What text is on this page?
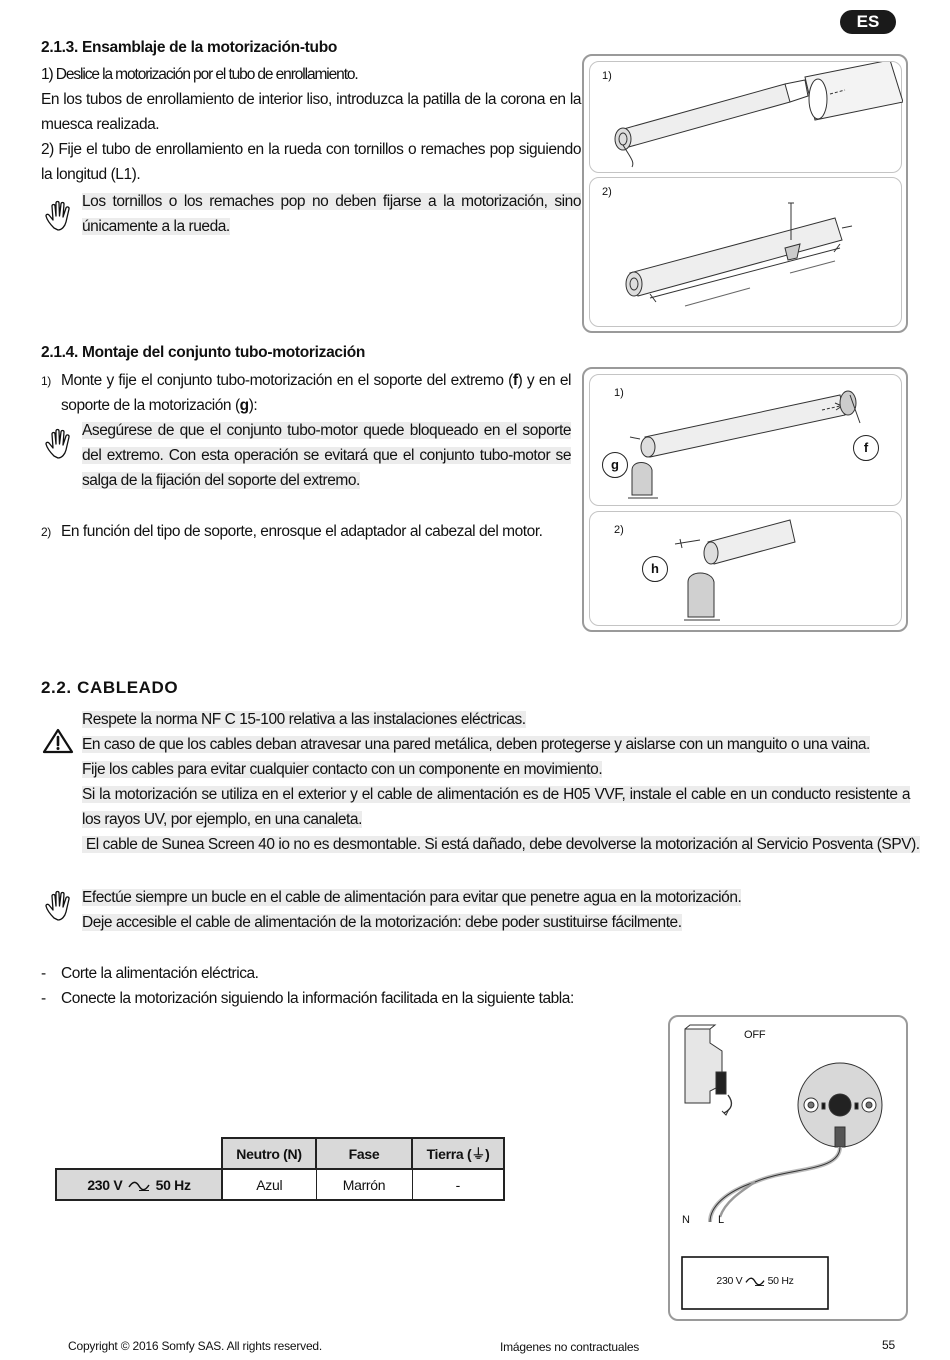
ES
2.1.3. Ensamblaje de la motorización-tubo
1) Deslice la motorización por el tubo de enrollamiento.
En los tubos de enrollamiento de interior liso, introduzca la patilla de la corona en la muesca realizada.
2) Fije el tubo de enrollamiento en la rueda con tornillos o remaches pop siguiendo la longitud (L1).
Los tornillos o los remaches pop no deben fijarse a la motorización, sino únicamente a la rueda.
1)
2)
2.1.4. Montaje del conjunto tubo-motorización
1) Monte y fije el conjunto tubo-motorización en el soporte del extremo (f) y en el soporte de la motorización (g):
Asegúrese de que el conjunto tubo-motor quede bloqueado en el soporte del extremo. Con esta operación se evitará que el conjunto tubo-motor se salga de la fijación del soporte del extremo.
2) En función del tipo de soporte, enrosque el adaptador al cabezal del motor.
1)
f
g
2)
h
2.2. CABLEADO
Respete la norma NF C 15-100 relativa a las instalaciones eléctricas.
En caso de que los cables deban atravesar una pared metálica, deben protegerse y aislarse con un manguito o una vaina.
Fije los cables para evitar cualquier contacto con un componente en movimiento.
Si la motorización se utiliza en el exterior y el cable de alimentación es de H05 VVF, instale el cable en un conducto resistente a los rayos UV, por ejemplo, en una canaleta.
El cable de Sunea Screen 40 io no es desmontable. Si está dañado, debe devolverse la motorización al Servicio Posventa (SPV).
Efectúe siempre un bucle en el cable de alimentación para evitar que penetre agua en la motorización.
Deje accesible el cable de alimentación de la motorización: debe poder sustituirse fácilmente.
- Corte la alimentación eléctrica.
- Conecte la motorización siguiendo la información facilitada en la siguiente tabla:
	Neutro (N)	Fase	Tierra (⏚)
230 V 50 Hz	Azul	Marrón	-
OFF
N	L
230 V 50 Hz
Copyright © 2016 Somfy SAS. All rights reserved.	Imágenes no contractuales	55
